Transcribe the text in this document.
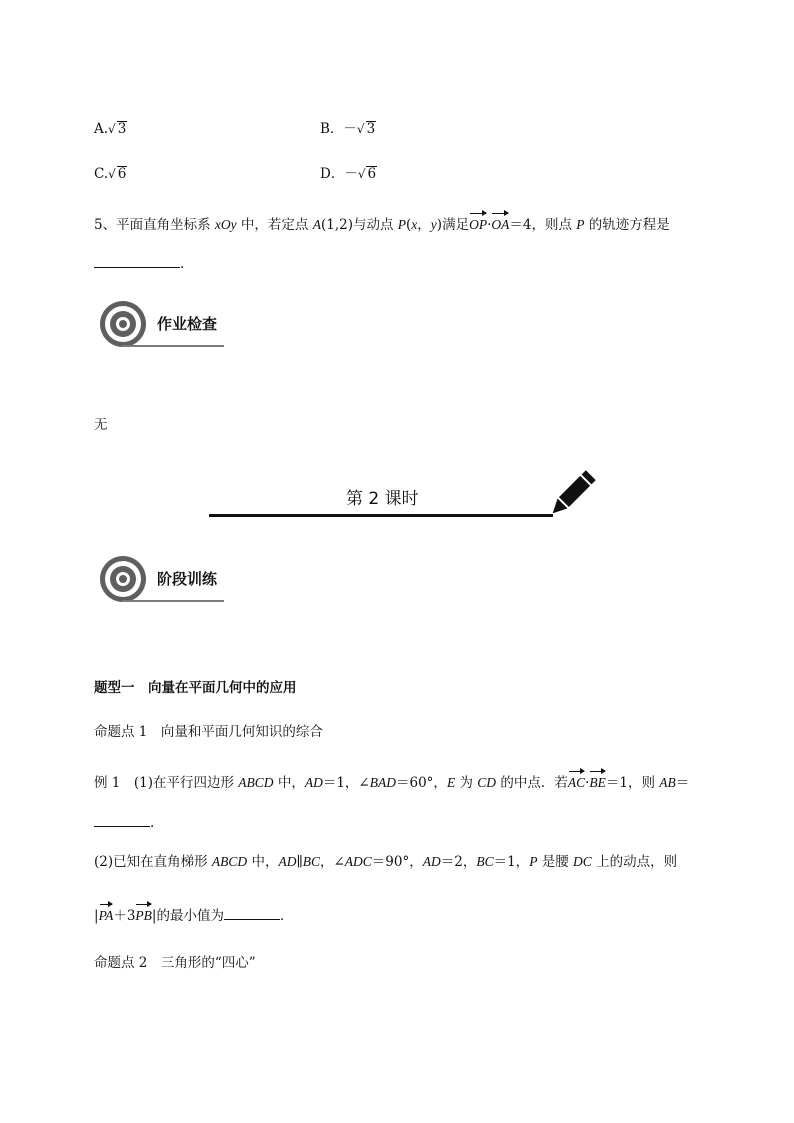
A.√ 3	B．－√ 3
C.√ 6	D．－√ 6
5、平面直角坐标系 xOy 中，若定点 A(1,2)与动点 P(x，y)满足OP·OA＝4，则点 P 的轨迹方程是
.
作业检查
无
第 2 课时
阶段训练
题型一　向量在平面几何中的应用
命题点 1　向量和平面几何知识的综合
例 1　(1)在平行四边形 ABCD 中，AD＝1，∠BAD＝60°，E 为 CD 的中点．若AC·BE＝1，则 AB＝
.
(2)已知在直角梯形 ABCD 中，AD∥BC，∠ADC＝90°，AD＝2，BC＝1，P 是腰 DC 上的动点，则
|PA＋3PB|的最小值为	．
命题点 2　三角形的“四心”
